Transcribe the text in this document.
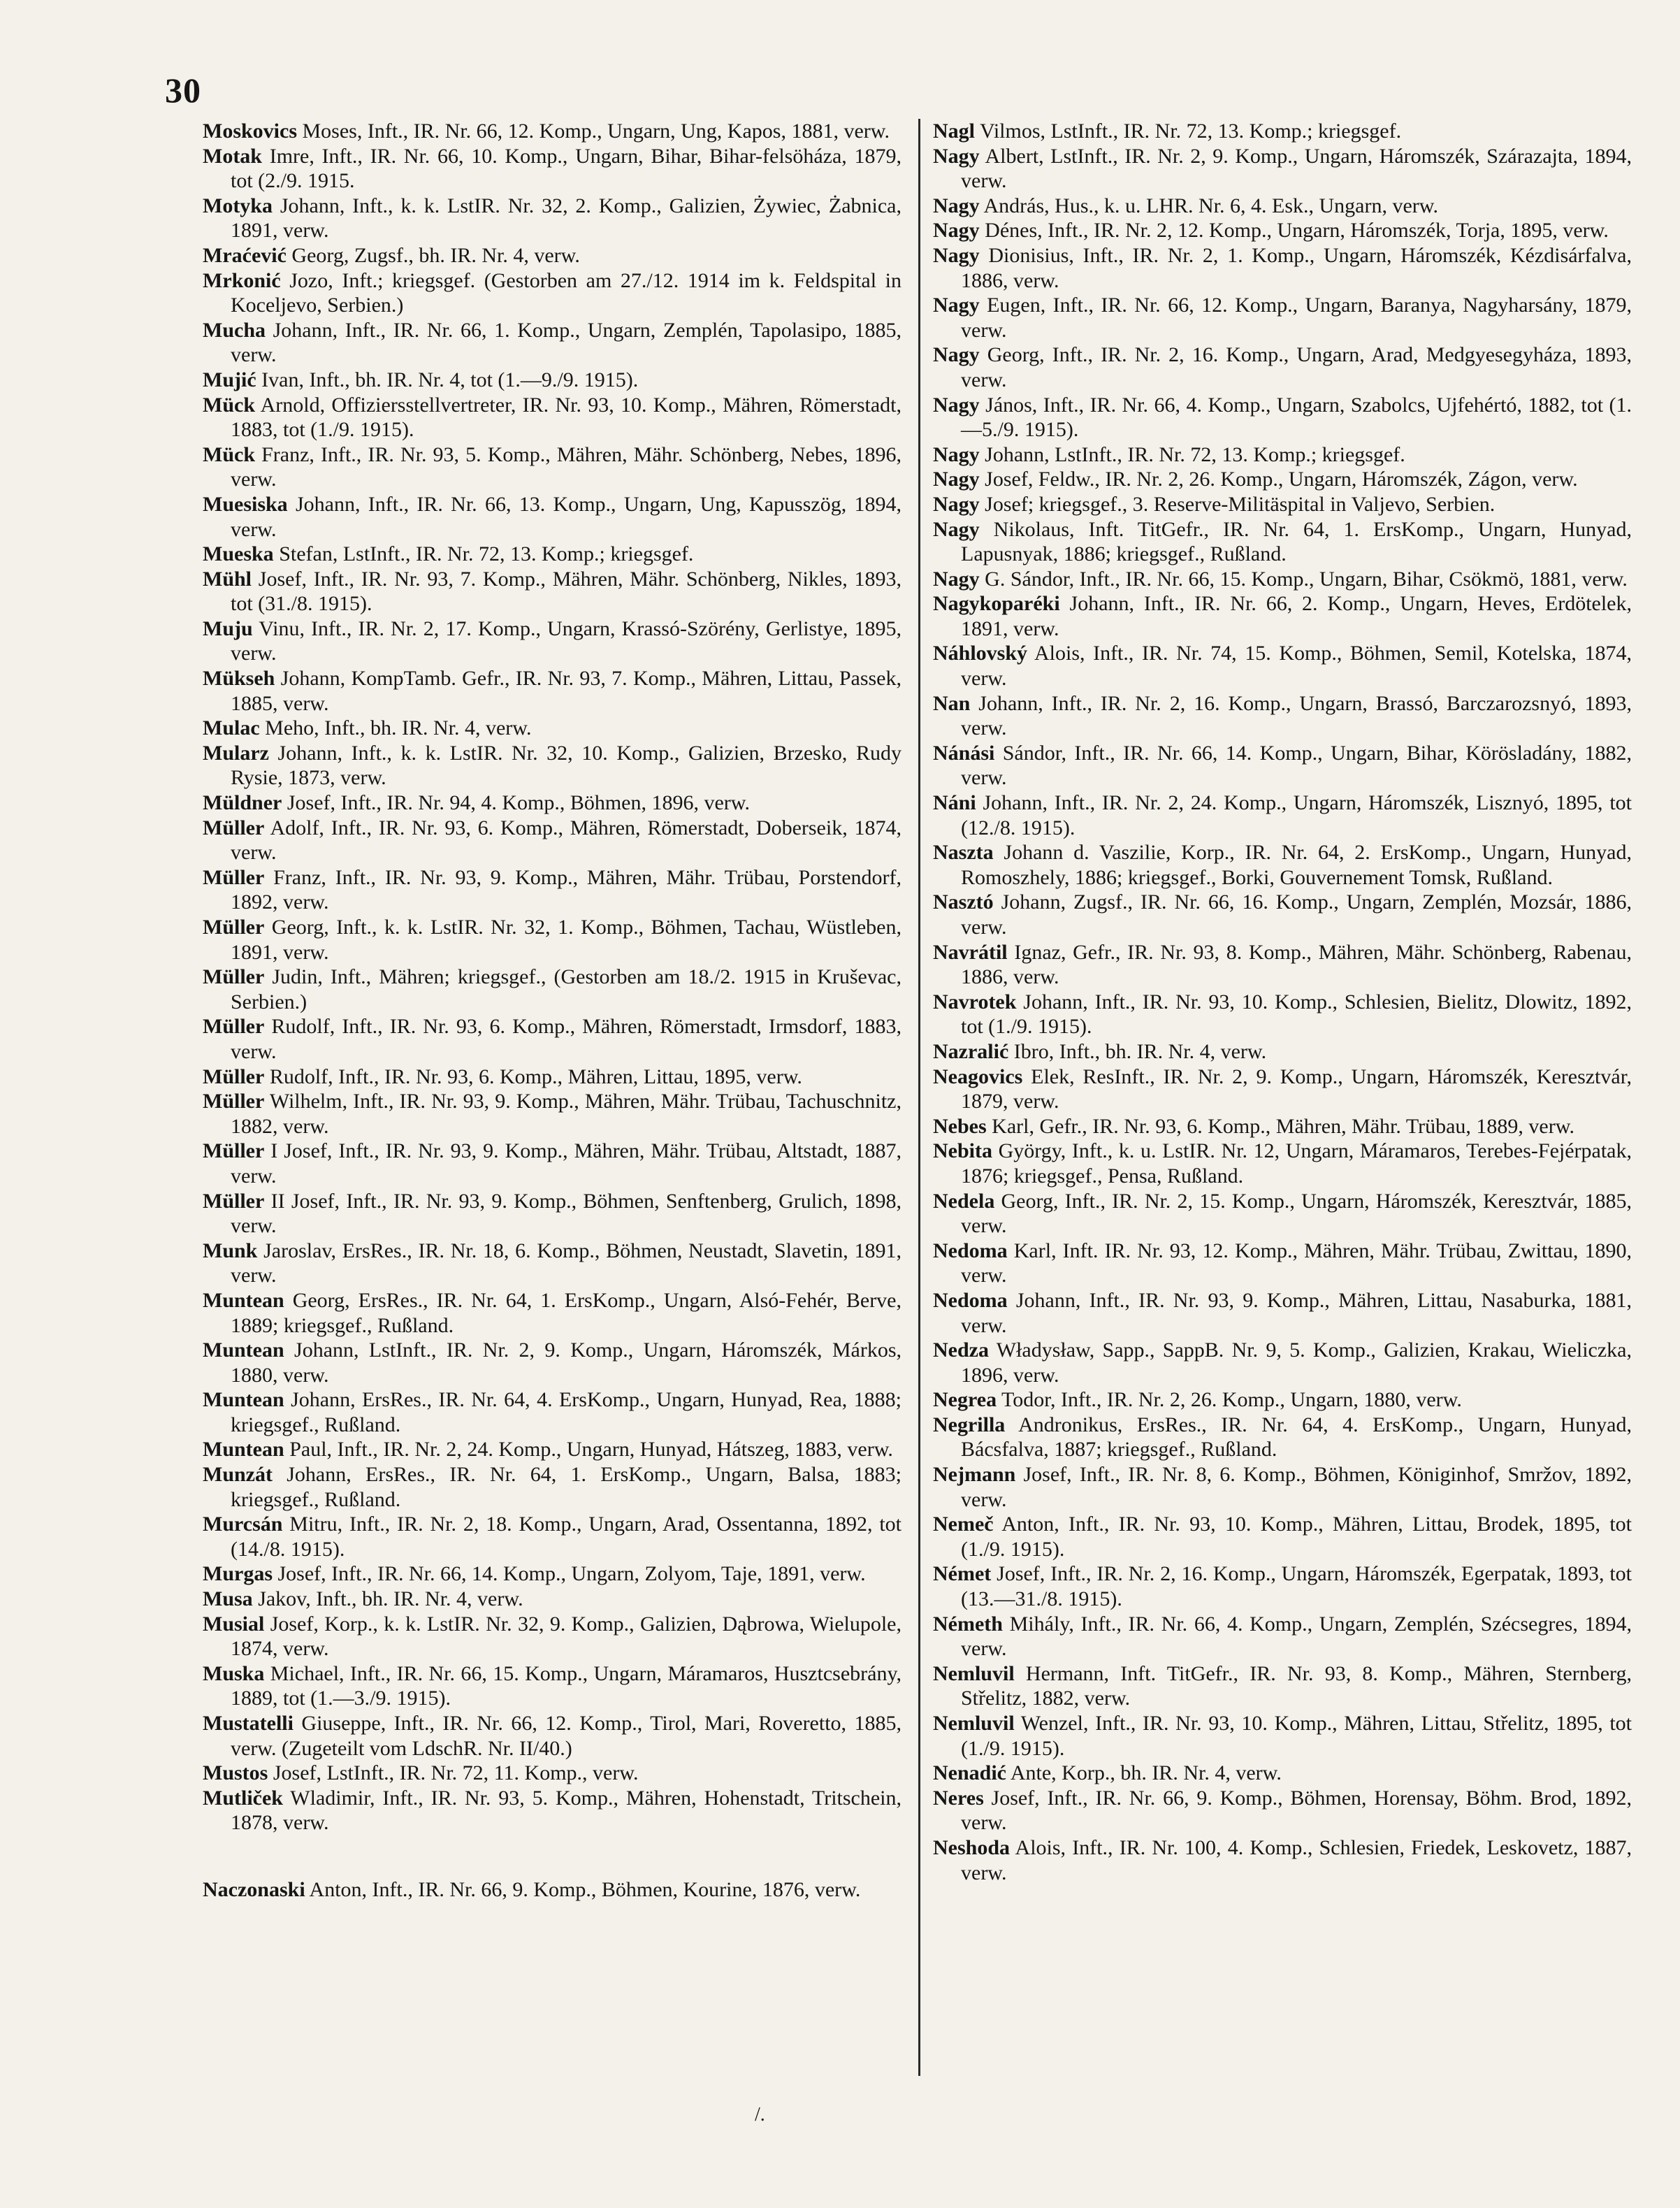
30
Moskovics Moses, Inft., IR. Nr. 66, 12. Komp., Ungarn, Ung, Kapos, 1881, verw.
Motak Imre, Inft., IR. Nr. 66, 10. Komp., Ungarn, Bihar, Bihar-felsöháza, 1879, tot (2./9. 1915.
Motyka Johann, Inft., k. k. LstIR. Nr. 32, 2. Komp., Galizien, Żywiec, Żabnica, 1891, verw.
Mraćević Georg, Zugsf., bh. IR. Nr. 4, verw.
Mrkonić Jozo, Inft.; kriegsgef. (Gestorben am 27./12. 1914 im k. Feldspital in Koceljevo, Serbien.)
Mucha Johann, Inft., IR. Nr. 66, 1. Komp., Ungarn, Zemplén, Tapolasipo, 1885, verw.
Mujić Ivan, Inft., bh. IR. Nr. 4, tot (1.—9./9. 1915).
Mück Arnold, Offiziersstellvertreter, IR. Nr. 93, 10. Komp., Mähren, Römerstadt, 1883, tot (1./9. 1915).
Mück Franz, Inft., IR. Nr. 93, 5. Komp., Mähren, Mähr. Schönberg, Nebes, 1896, verw.
Muesiska Johann, Inft., IR. Nr. 66, 13. Komp., Ungarn, Ung, Kapusszög, 1894, verw.
Mueska Stefan, LstInft., IR. Nr. 72, 13. Komp.; kriegsgef.
Mühl Josef, Inft., IR. Nr. 93, 7. Komp., Mähren, Mähr. Schönberg, Nikles, 1893, tot (31./8. 1915).
Muju Vinu, Inft., IR. Nr. 2, 17. Komp., Ungarn, Krassó-Szörény, Gerlistye, 1895, verw.
Mükseh Johann, KompTamb. Gefr., IR. Nr. 93, 7. Komp., Mähren, Littau, Passek, 1885, verw.
Mulac Meho, Inft., bh. IR. Nr. 4, verw.
Mularz Johann, Inft., k. k. LstIR. Nr. 32, 10. Komp., Galizien, Brzesko, Rudy Rysie, 1873, verw.
Müldner Josef, Inft., IR. Nr. 94, 4. Komp., Böhmen, 1896, verw.
Müller Adolf, Inft., IR. Nr. 93, 6. Komp., Mähren, Römerstadt, Doberseik, 1874, verw.
Müller Franz, Inft., IR. Nr. 93, 9. Komp., Mähren, Mähr. Trübau, Porstendorf, 1892, verw.
Müller Georg, Inft., k. k. LstIR. Nr. 32, 1. Komp., Böhmen, Tachau, Wüstleben, 1891, verw.
Müller Judin, Inft., Mähren; kriegsgef., (Gestorben am 18./2. 1915 in Kruševac, Serbien.)
Müller Rudolf, Inft., IR. Nr. 93, 6. Komp., Mähren, Römerstadt, Irmsdorf, 1883, verw.
Müller Rudolf, Inft., IR. Nr. 93, 6. Komp., Mähren, Littau, 1895, verw.
Müller Wilhelm, Inft., IR. Nr. 93, 9. Komp., Mähren, Mähr. Trübau, Tachuschnitz, 1882, verw.
Müller I Josef, Inft., IR. Nr. 93, 9. Komp., Mähren, Mähr. Trübau, Altstadt, 1887, verw.
Müller II Josef, Inft., IR. Nr. 93, 9. Komp., Böhmen, Senftenberg, Grulich, 1898, verw.
Munk Jaroslav, ErsRes., IR. Nr. 18, 6. Komp., Böhmen, Neustadt, Slavetin, 1891, verw.
Muntean Georg, ErsRes., IR. Nr. 64, 1. ErsKomp., Ungarn, Alsó-Fehér, Berve, 1889; kriegsgef., Rußland.
Muntean Johann, LstInft., IR. Nr. 2, 9. Komp., Ungarn, Háromszék, Márkos, 1880, verw.
Muntean Johann, ErsRes., IR. Nr. 64, 4. ErsKomp., Ungarn, Hunyad, Rea, 1888; kriegsgef., Rußland.
Muntean Paul, Inft., IR. Nr. 2, 24. Komp., Ungarn, Hunyad, Hátszeg, 1883, verw.
Munzát Johann, ErsRes., IR. Nr. 64, 1. ErsKomp., Ungarn, Balsa, 1883; kriegsgef., Rußland.
Murcsán Mitru, Inft., IR. Nr. 2, 18. Komp., Ungarn, Arad, Ossentanna, 1892, tot (14./8. 1915).
Murgas Josef, Inft., IR. Nr. 66, 14. Komp., Ungarn, Zolyom, Taje, 1891, verw.
Musa Jakov, Inft., bh. IR. Nr. 4, verw.
Musial Josef, Korp., k. k. LstIR. Nr. 32, 9. Komp., Galizien, Dąbrowa, Wielupole, 1874, verw.
Muska Michael, Inft., IR. Nr. 66, 15. Komp., Ungarn, Máramaros, Husztcsebrány, 1889, tot (1.—3./9. 1915).
Mustatelli Giuseppe, Inft., IR. Nr. 66, 12. Komp., Tirol, Mari, Roveretto, 1885, verw. (Zugeteilt vom LdschR. Nr. II/40.)
Mustos Josef, LstInft., IR. Nr. 72, 11. Komp., verw.
Mutliček Wladimir, Inft., IR. Nr. 93, 5. Komp., Mähren, Hohenstadt, Tritschein, 1878, verw.
Naczonaski Anton, Inft., IR. Nr. 66, 9. Komp., Böhmen, Kourine, 1876, verw.
Nagl Vilmos, LstInft., IR. Nr. 72, 13. Komp.; kriegsgef.
Nagy Albert, LstInft., IR. Nr. 2, 9. Komp., Ungarn, Háromszék, Szárazajta, 1894, verw.
Nagy András, Hus., k. u. LHR. Nr. 6, 4. Esk., Ungarn, verw.
Nagy Dénes, Inft., IR. Nr. 2, 12. Komp., Ungarn, Háromszék, Torja, 1895, verw.
Nagy Dionisius, Inft., IR. Nr. 2, 1. Komp., Ungarn, Háromszék, Kézdisárfalva, 1886, verw.
Nagy Eugen, Inft., IR. Nr. 66, 12. Komp., Ungarn, Baranya, Nagyharsány, 1879, verw.
Nagy Georg, Inft., IR. Nr. 2, 16. Komp., Ungarn, Arad, Medgyesegyháza, 1893, verw.
Nagy János, Inft., IR. Nr. 66, 4. Komp., Ungarn, Szabolcs, Ujfehértó, 1882, tot (1.—5./9. 1915).
Nagy Johann, LstInft., IR. Nr. 72, 13. Komp.; kriegsgef.
Nagy Josef, Feldw., IR. Nr. 2, 26. Komp., Ungarn, Háromszék, Zágon, verw.
Nagy Josef; kriegsgef., 3. Reserve-Militäspital in Valjevo, Serbien.
Nagy Nikolaus, Inft. TitGefr., IR. Nr. 64, 1. ErsKomp., Ungarn, Hunyad, Lapusnyak, 1886; kriegsgef., Rußland.
Nagy G. Sándor, Inft., IR. Nr. 66, 15. Komp., Ungarn, Bihar, Csökmö, 1881, verw.
Nagykoparéki Johann, Inft., IR. Nr. 66, 2. Komp., Ungarn, Heves, Erdötelek, 1891, verw.
Náhlovský Alois, Inft., IR. Nr. 74, 15. Komp., Böhmen, Semil, Kotelska, 1874, verw.
Nan Johann, Inft., IR. Nr. 2, 16. Komp., Ungarn, Brassó, Barczarozsnyó, 1893, verw.
Nánási Sándor, Inft., IR. Nr. 66, 14. Komp., Ungarn, Bihar, Körösladány, 1882, verw.
Náni Johann, Inft., IR. Nr. 2, 24. Komp., Ungarn, Háromszék, Lisznyó, 1895, tot (12./8. 1915).
Naszta Johann d. Vaszilie, Korp., IR. Nr. 64, 2. ErsKomp., Ungarn, Hunyad, Romoszhely, 1886; kriegsgef., Borki, Gouvernement Tomsk, Rußland.
Nasztó Johann, Zugsf., IR. Nr. 66, 16. Komp., Ungarn, Zemplén, Mozsár, 1886, verw.
Navrátil Ignaz, Gefr., IR. Nr. 93, 8. Komp., Mähren, Mähr. Schönberg, Rabenau, 1886, verw.
Navrotek Johann, Inft., IR. Nr. 93, 10. Komp., Schlesien, Bielitz, Dlowitz, 1892, tot (1./9. 1915).
Nazralić Ibro, Inft., bh. IR. Nr. 4, verw.
Neagovics Elek, ResInft., IR. Nr. 2, 9. Komp., Ungarn, Háromszék, Keresztvár, 1879, verw.
Nebes Karl, Gefr., IR. Nr. 93, 6. Komp., Mähren, Mähr. Trübau, 1889, verw.
Nebita György, Inft., k. u. LstIR. Nr. 12, Ungarn, Máramaros, Terebes-Fejérpatak, 1876; kriegsgef., Pensa, Rußland.
Nedela Georg, Inft., IR. Nr. 2, 15. Komp., Ungarn, Háromszék, Keresztvár, 1885, verw.
Nedoma Karl, Inft. IR. Nr. 93, 12. Komp., Mähren, Mähr. Trübau, Zwittau, 1890, verw.
Nedoma Johann, Inft., IR. Nr. 93, 9. Komp., Mähren, Littau, Nasaburka, 1881, verw.
Nedza Władysław, Sapp., SappB. Nr. 9, 5. Komp., Galizien, Krakau, Wieliczka, 1896, verw.
Negrea Todor, Inft., IR. Nr. 2, 26. Komp., Ungarn, 1880, verw.
Negrilla Andronikus, ErsRes., IR. Nr. 64, 4. ErsKomp., Ungarn, Hunyad, Bácsfalva, 1887; kriegsgef., Rußland.
Nejmann Josef, Inft., IR. Nr. 8, 6. Komp., Böhmen, Königinhof, Smržov, 1892, verw.
Nemeč Anton, Inft., IR. Nr. 93, 10. Komp., Mähren, Littau, Brodek, 1895, tot (1./9. 1915).
Német Josef, Inft., IR. Nr. 2, 16. Komp., Ungarn, Háromszék, Egerpatak, 1893, tot (13.—31./8. 1915).
Németh Mihály, Inft., IR. Nr. 66, 4. Komp., Ungarn, Zemplén, Szécsegres, 1894, verw.
Nemluvil Hermann, Inft. TitGefr., IR. Nr. 93, 8. Komp., Mähren, Sternberg, Střelitz, 1882, verw.
Nemluvil Wenzel, Inft., IR. Nr. 93, 10. Komp., Mähren, Littau, Střelitz, 1895, tot (1./9. 1915).
Nenadić Ante, Korp., bh. IR. Nr. 4, verw.
Neres Josef, Inft., IR. Nr. 66, 9. Komp., Böhmen, Horensay, Böhm. Brod, 1892, verw.
Neshoda Alois, Inft., IR. Nr. 100, 4. Komp., Schlesien, Friedek, Leskovetz, 1887, verw.
/.
